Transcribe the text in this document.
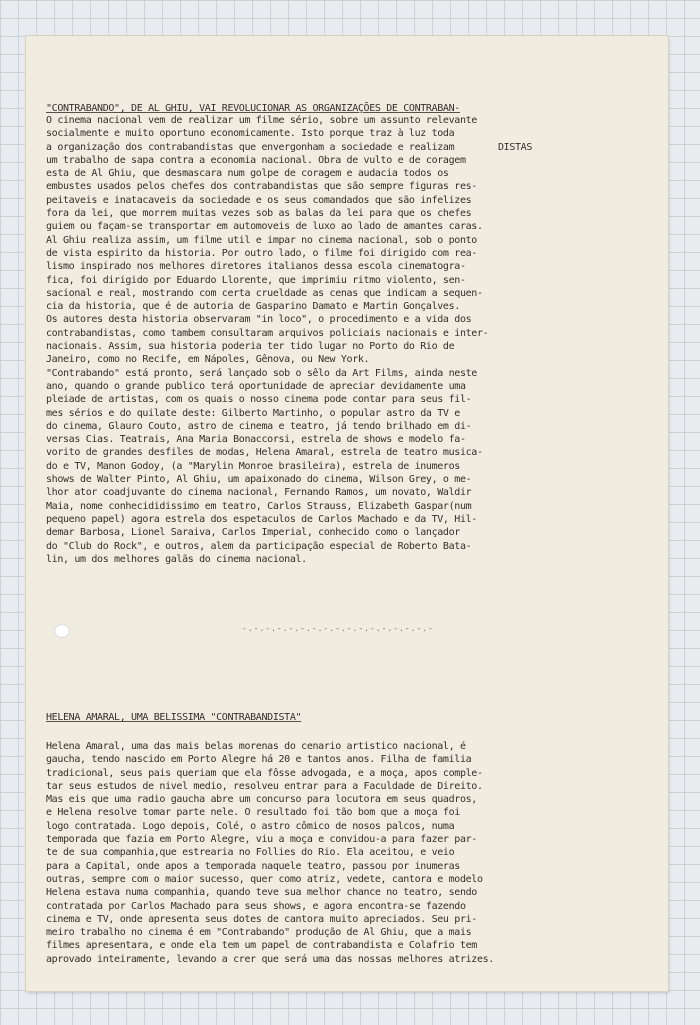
"CONTRABANDO", DE AL GHIU, VAI REVOLUCIONAR AS ORGANIZAÇÕES DE CONTRABAN-

DISTAS

O cinema nacional vem de realizar um filme sério, sobre um assunto relevante
socialmente e muito oportuno economicamente. Isto porque traz à luz toda
a organização dos contrabandistas que envergonham a sociedade e realizam
um trabalho de sapa contra a economia nacional. Obra de vulto e de coragem
esta de Al Ghiu, que desmascara num golpe de coragem e audacia todos os
embustes usados pelos chefes dos contrabandistas que são sempre figuras res-
peitaveis e inatacaveis da sociedade e os seus comandados que são infelizes
fora da lei, que morrem muitas vezes sob as balas da lei para que os chefes
guiem ou façam-se transportar em automoveis de luxo ao lado de amantes caras.
Al Ghiu realiza assim, um filme util e impar no cinema nacional, sob o ponto
de vista espirito da historia. Por outro lado, o filme foi dirigido com rea-
lismo inspirado nos melhores diretores italianos dessa escola cinematogra-
fica, foi dirigido por Eduardo Llorente, que imprimiu ritmo violento, sen-
sacional e real, mostrando com certa crueldade as cenas que indicam a sequen-
cia da historia, que é de autoria de Gasparino Damato e Martin Gonçalves.
Os autores desta historia observaram "in loco", o procedimento e a vida dos
contrabandistas, como tambem consultaram arquivos policiais nacionais e inter-
nacionais. Assim, sua historia poderia ter tido lugar no Porto do Rio de
Janeiro, como no Recife, em Nápoles, Gênova, ou New York.
"Contrabando" está pronto, será lançado sob o sêlo da Art Films, ainda neste
ano, quando o grande publico terá oportunidade de apreciar devidamente uma
pleiade de artistas, com os quais o nosso cinema pode contar para seus fil-
mes sérios e do quilate deste: Gilberto Martinho, o popular astro da TV e
do cinema, Glauro Couto, astro de cinema e teatro, já tendo brilhado em di-
versas Cias. Teatrais, Ana Maria Bonaccorsi, estrela de shows e modelo fa-
vorito de grandes desfiles de modas, Helena Amaral, estrela de teatro musica-
do e TV, Manon Godoy, (a "Marylin Monroe brasileira), estrela de inumeros
shows de Walter Pinto, Al Ghiu, um apaixonado do cinema, Wilson Grey, o me-
lhor ator coadjuvante do cinema nacional, Fernando Ramos, um novato, Waldir
Maia, nome conhecididissimo em teatro, Carlos Strauss, Elizabeth Gaspar(num
pequeno papel) agora estrela dos espetaculos de Carlos Machado e da TV, Hil-
demar Barbosa, Lionel Saraiva, Carlos Imperial, conhecido como o lançador
do "Club do Rock", e outros, alem da participação especial de Roberto Bata-
lin, um dos melhores galãs do cinema nacional.
-.-.-.-.-.-.-.-.-.-.-.-.-.-.-.-.-
HELENA AMARAL, UMA BELISSIMA "CONTRABANDISTA"
Helena Amaral, uma das mais belas morenas do cenario artistico nacional, é
gaucha, tendo nascido em Porto Alegre há 20 e tantos anos. Filha de familia
tradicional, seus pais queriam que ela fôsse advogada, e a moça, apos comple-
tar seus estudos de nivel medio, resolveu entrar para a Faculdade de Direito.
Mas eis que uma radio gaucha abre um concurso para locutora em seus quadros,
e Helena resolve tomar parte nele. O resultado foi tão bom que a moça foi
logo contratada. Logo depois, Colé, o astro cômico de nosos palcos, numa
temporada que fazia em Porto Alegre, viu a moça e convidou-a para fazer par-
te de sua companhia,que estrearia no Follies do Rio. Ela aceitou, e veio
para a Capital, onde apos a temporada naquele teatro, passou por inumeras
outras, sempre com o maior sucesso, quer como atriz, vedete, cantora e modelo
Helena estava numa companhia, quando teve sua melhor chance no teatro, sendo
contratada por Carlos Machado para seus shows, e agora encontra-se fazendo
cinema e TV, onde apresenta seus dotes de cantora muito apreciados. Seu pri-
meiro trabalho no cinema é em "Contrabando" produção de Al Ghiu, que a mais
filmes apresentara, e onde ela tem um papel de contrabandista e Colafrio tem
aprovado inteiramente, levando a crer que será uma das nossas melhores atrizes.
